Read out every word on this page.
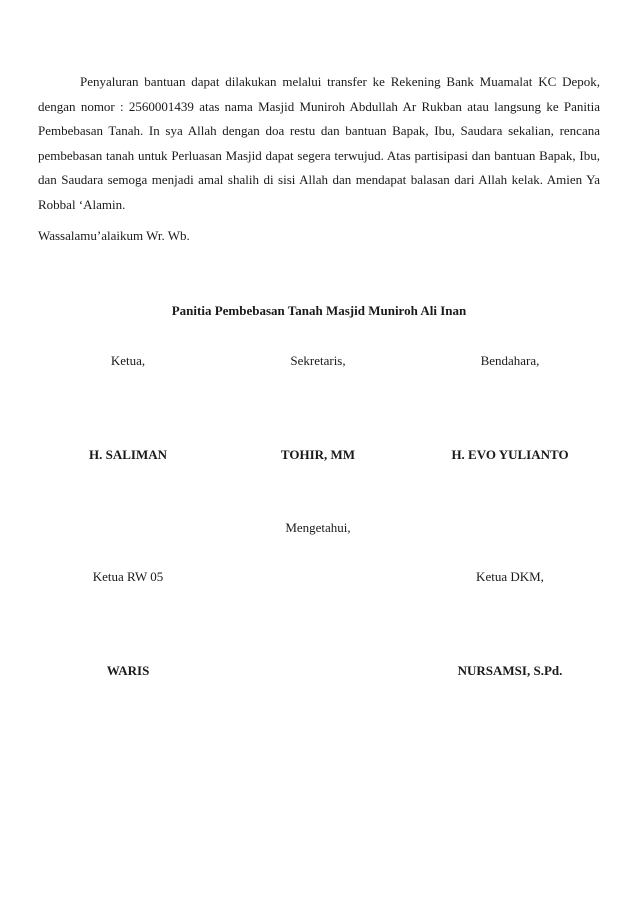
Penyaluran bantuan dapat dilakukan melalui transfer ke Rekening Bank Muamalat KC Depok, dengan nomor : 2560001439 atas nama Masjid Muniroh Abdullah Ar Rukban atau langsung ke Panitia Pembebasan Tanah. In sya Allah dengan doa restu dan bantuan Bapak, Ibu, Saudara sekalian, rencana pembebasan tanah untuk Perluasan Masjid dapat segera terwujud. Atas partisipasi dan bantuan Bapak, Ibu, dan Saudara semoga menjadi amal shalih di sisi Allah dan mendapat balasan dari Allah kelak. Amien Ya Robbal ‘Alamin.

Wassalamu’alaikum Wr. Wb.

Panitia Pembebasan Tanah Masjid Muniroh Ali Inan

Ketua,	Sekretaris,	Bendahara,
H. SALIMAN	TOHIR, MM	H. EVO YULIANTO
Mengetahui,
Ketua RW 05	Ketua DKM,
WARIS	NURSAMSI, S.Pd.
